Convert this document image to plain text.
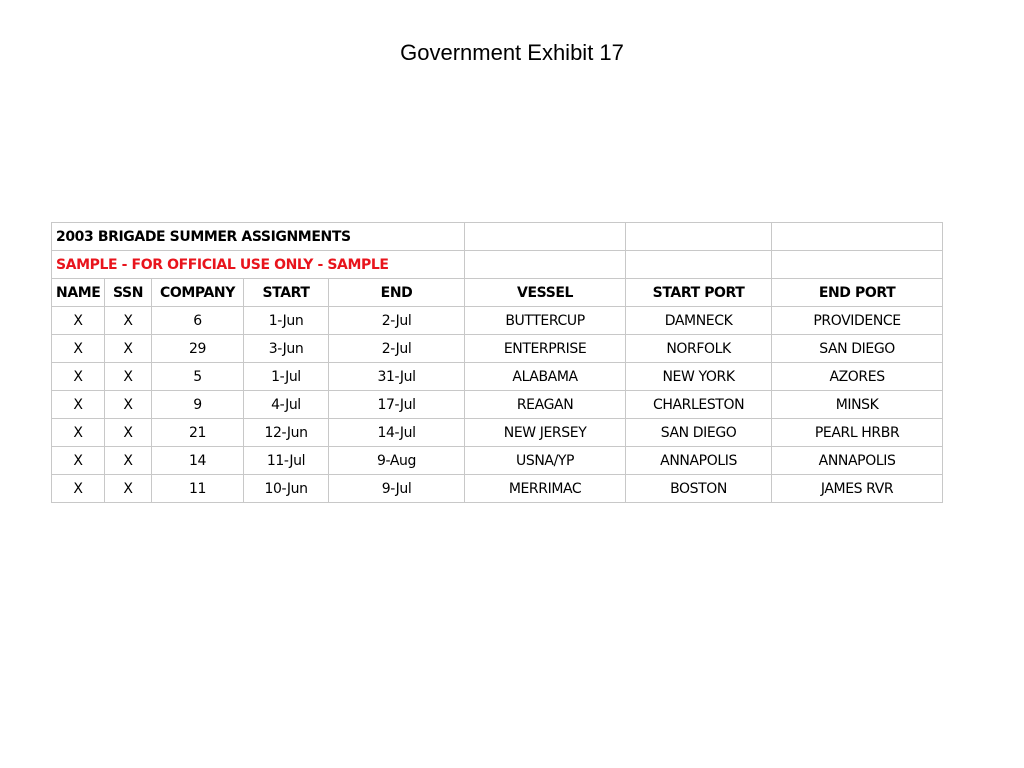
Government Exhibit 17
2003 BRIGADE SUMMER ASSIGNMENTS							
SAMPLE - FOR OFFICIAL USE ONLY - SAMPLE							
NAME	SSN	COMPANY	START	END	VESSEL	START PORT	END PORT
X	X	6	1-Jun	2-Jul	BUTTERCUP	DAMNECK	PROVIDENCE
X	X	29	3-Jun	2-Jul	ENTERPRISE	NORFOLK	SAN DIEGO
X	X	5	1-Jul	31-Jul	ALABAMA	NEW YORK	AZORES
X	X	9	4-Jul	17-Jul	REAGAN	CHARLESTON	MINSK
X	X	21	12-Jun	14-Jul	NEW JERSEY	SAN DIEGO	PEARL HRBR
X	X	14	11-Jul	9-Aug	USNA/YP	ANNAPOLIS	ANNAPOLIS
X	X	11	10-Jun	9-Jul	MERRIMAC	BOSTON	JAMES RVR
